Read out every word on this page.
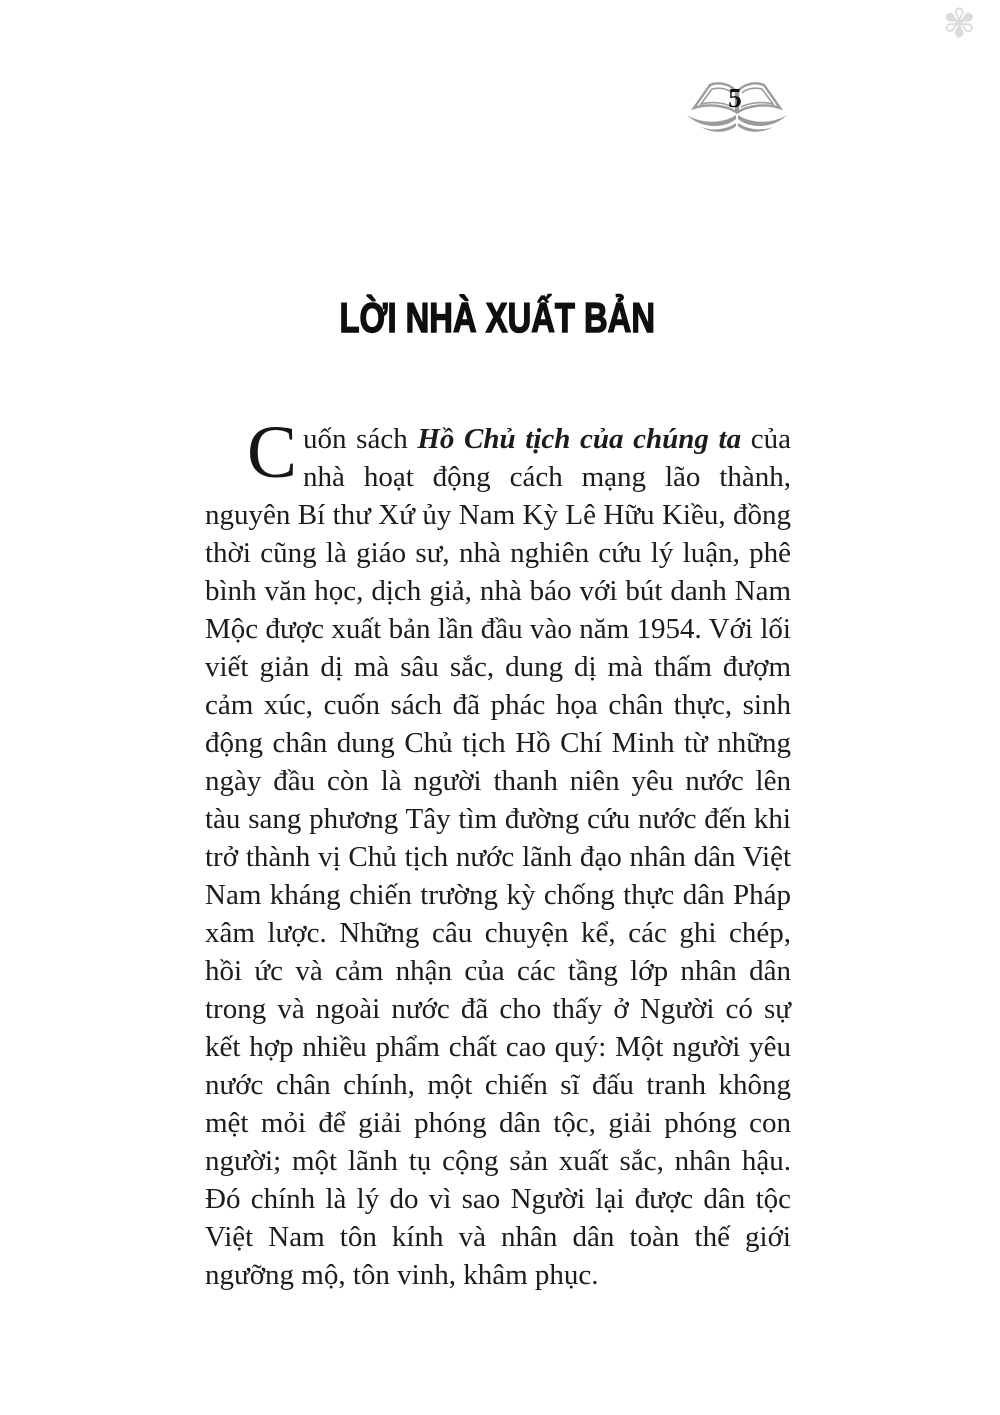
✾
5
LỜI NHÀ XUẤT BẢN

Cuốn sách Hồ Chủ tịch của chúng ta của nhà hoạt động cách mạng lão thành, nguyên Bí thư Xứ ủy Nam Kỳ Lê Hữu Kiều, đồng thời cũng là giáo sư, nhà nghiên cứu lý luận, phê bình văn học, dịch giả, nhà báo với bút danh Nam Mộc được xuất bản lần đầu vào năm 1954. Với lối viết giản dị mà sâu sắc, dung dị mà thấm đượm cảm xúc, cuốn sách đã phác họa chân thực, sinh động chân dung Chủ tịch Hồ Chí Minh từ những ngày đầu còn là người thanh niên yêu nước lên tàu sang phương Tây tìm đường cứu nước đến khi trở thành vị Chủ tịch nước lãnh đạo nhân dân Việt Nam kháng chiến trường kỳ chống thực dân Pháp xâm lược. Những câu chuyện kể, các ghi chép, hồi ức và cảm nhận của các tầng lớp nhân dân trong và ngoài nước đã cho thấy ở Người có sự kết hợp nhiều phẩm chất cao quý: Một người yêu nước chân chính, một chiến sĩ đấu tranh không mệt mỏi để giải phóng dân tộc, giải phóng con người; một lãnh tụ cộng sản xuất sắc, nhân hậu. Đó chính là lý do vì sao Người lại được dân tộc Việt Nam tôn kính và nhân dân toàn thế giới ngưỡng mộ, tôn vinh, khâm phục.
